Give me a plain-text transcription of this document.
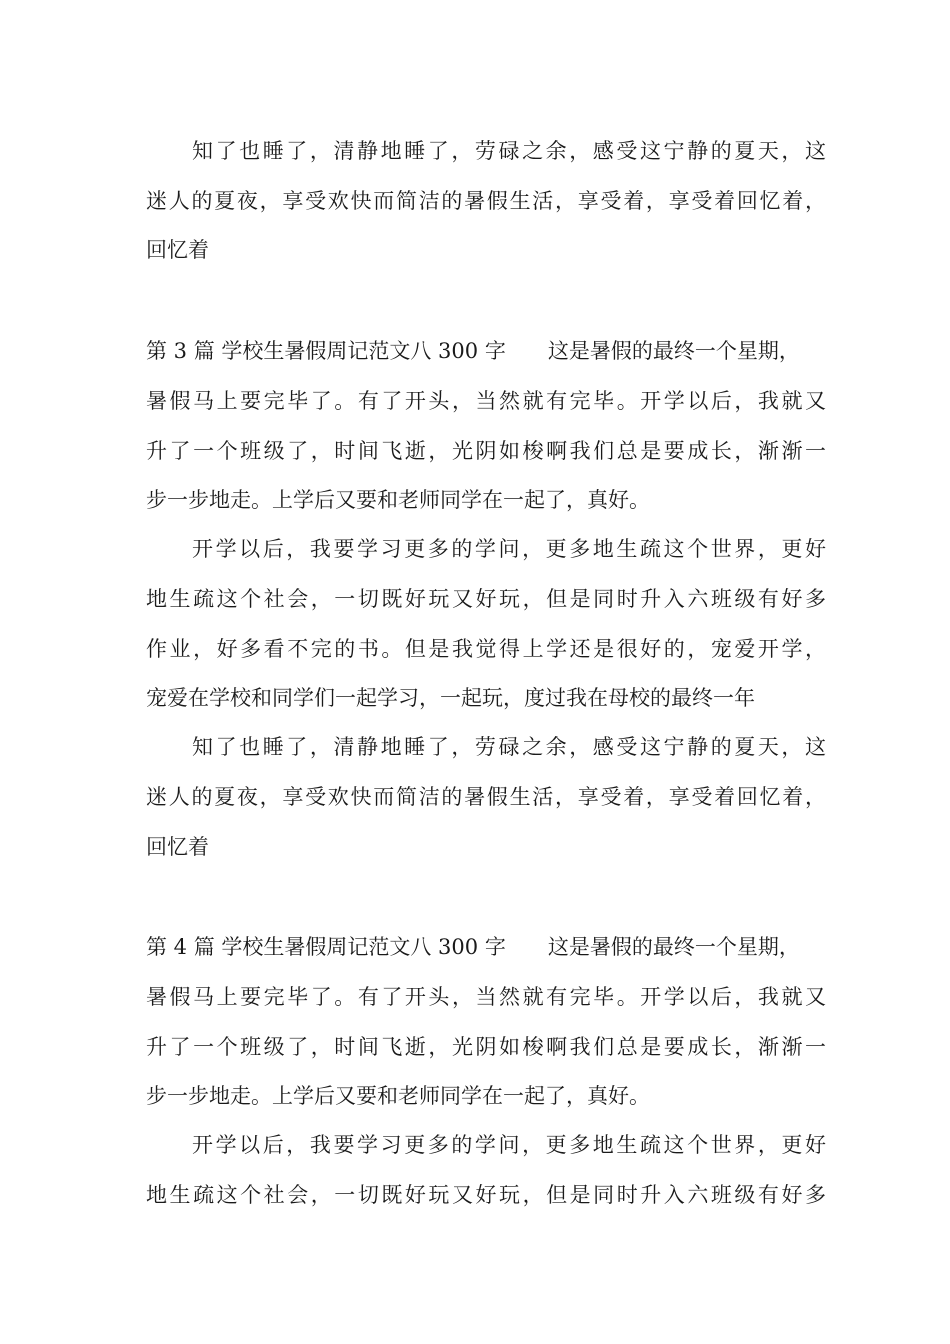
知了也睡了，清静地睡了，劳碌之余，感受这宁静的夏天，这
迷人的夏夜，享受欢快而简洁的暑假生活，享受着，享受着回忆着，
回忆着
第 3 篇 学校生暑假周记范文八 300 字 这是暑假的最终一个星期，
暑假马上要完毕了。有了开头，当然就有完毕。开学以后，我就又
升了一个班级了，时间飞逝，光阴如梭啊我们总是要成长，渐渐一
步一步地走。上学后又要和老师同学在一起了，真好。
开学以后，我要学习更多的学问，更多地生疏这个世界，更好
地生疏这个社会，一切既好玩又好玩，但是同时升入六班级有好多
作业，好多看不完的书。但是我觉得上学还是很好的，宠爱开学，
宠爱在学校和同学们一起学习，一起玩，度过我在母校的最终一年
知了也睡了，清静地睡了，劳碌之余，感受这宁静的夏天，这
迷人的夏夜，享受欢快而简洁的暑假生活，享受着，享受着回忆着，
回忆着
第 4 篇 学校生暑假周记范文八 300 字 这是暑假的最终一个星期，
暑假马上要完毕了。有了开头，当然就有完毕。开学以后，我就又
升了一个班级了，时间飞逝，光阴如梭啊我们总是要成长，渐渐一
步一步地走。上学后又要和老师同学在一起了，真好。
开学以后，我要学习更多的学问，更多地生疏这个世界，更好
地生疏这个社会，一切既好玩又好玩，但是同时升入六班级有好多
